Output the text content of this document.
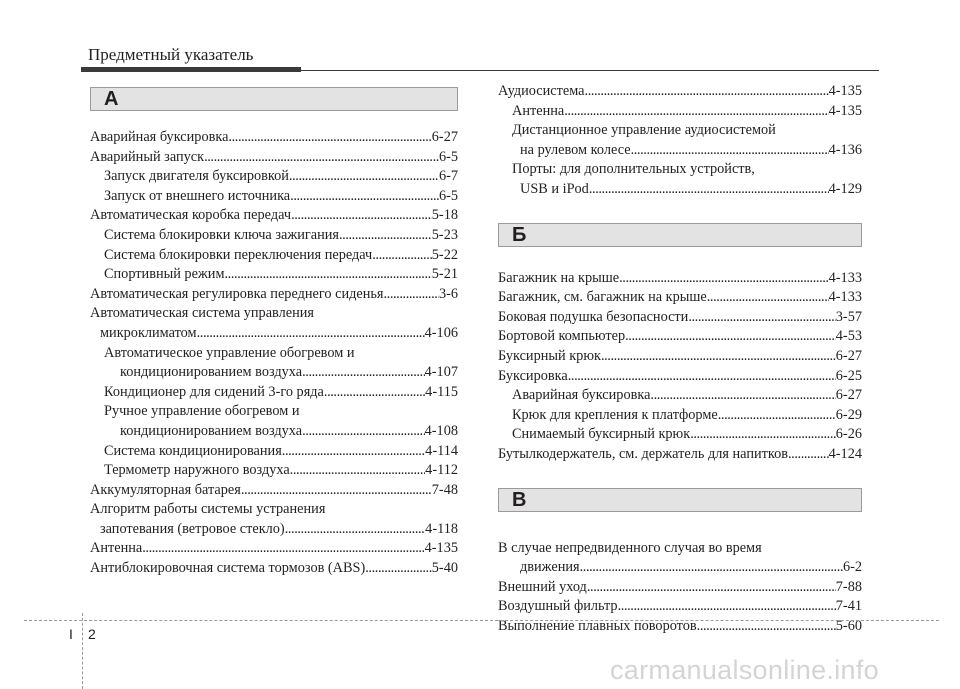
Предметный указатель
А
Аварийная буксировка .....	6-27
Аварийный запуск .....	6-5
Запуск двигателя буксировкой .....	6-7
Запуск от внешнего источника .....	6-5
Автоматическая коробка передач .....	5-18
Система блокировки ключа зажигания .....	5-23
Система блокировки переключения передач .....	5-22
Спортивный режим .....	5-21
Автоматическая регулировка переднего сиденья .....	3-6
Автоматическая система управления
микроклиматом .....	4-106
Автоматическое управление обогревом и
кондиционированием воздуха .....	4-107
Кондиционер для сидений 3-го ряда .....	4-115
Ручное управление обогревом и
кондиционированием воздуха .....	4-108
Система кондиционирования .....	4-114
Термометр наружного воздуха .....	4-112
Аккумуляторная батарея .....	7-48
Алгоритм работы системы устранения
запотевания (ветровое стекло) .....	4-118
Антенна .....	4-135
Антиблокировочная система тормозов (ABS) .....	5-40
Аудиосистема .....	4-135
Антенна .....	4-135
Дистанционное управление аудиосистемой
на рулевом колесе .....	4-136
Порты: для дополнительных устройств,
USB и iPod .....	4-129
Б
Багажник на крыше .....	4-133
Багажник, см. багажник на крыше .....	4-133
Боковая подушка безопасности .....	3-57
Бортовой компьютер .....	4-53
Буксирный крюк .....	6-27
Буксировка .....	6-25
Аварийная буксировка .....	6-27
Крюк для крепления к платформе .....	6-29
Снимаемый буксирный крюк .....	6-26
Бутылкодержатель, см. держатель для напитков .....	4-124
В
В случае непредвиденного случая во время
движения .....	6-2
Внешний уход .....	7-88
Воздушный фильтр .....	7-41
Выполнение плавных поворотов .....	5-60
I 2
carmanualsonline.info
